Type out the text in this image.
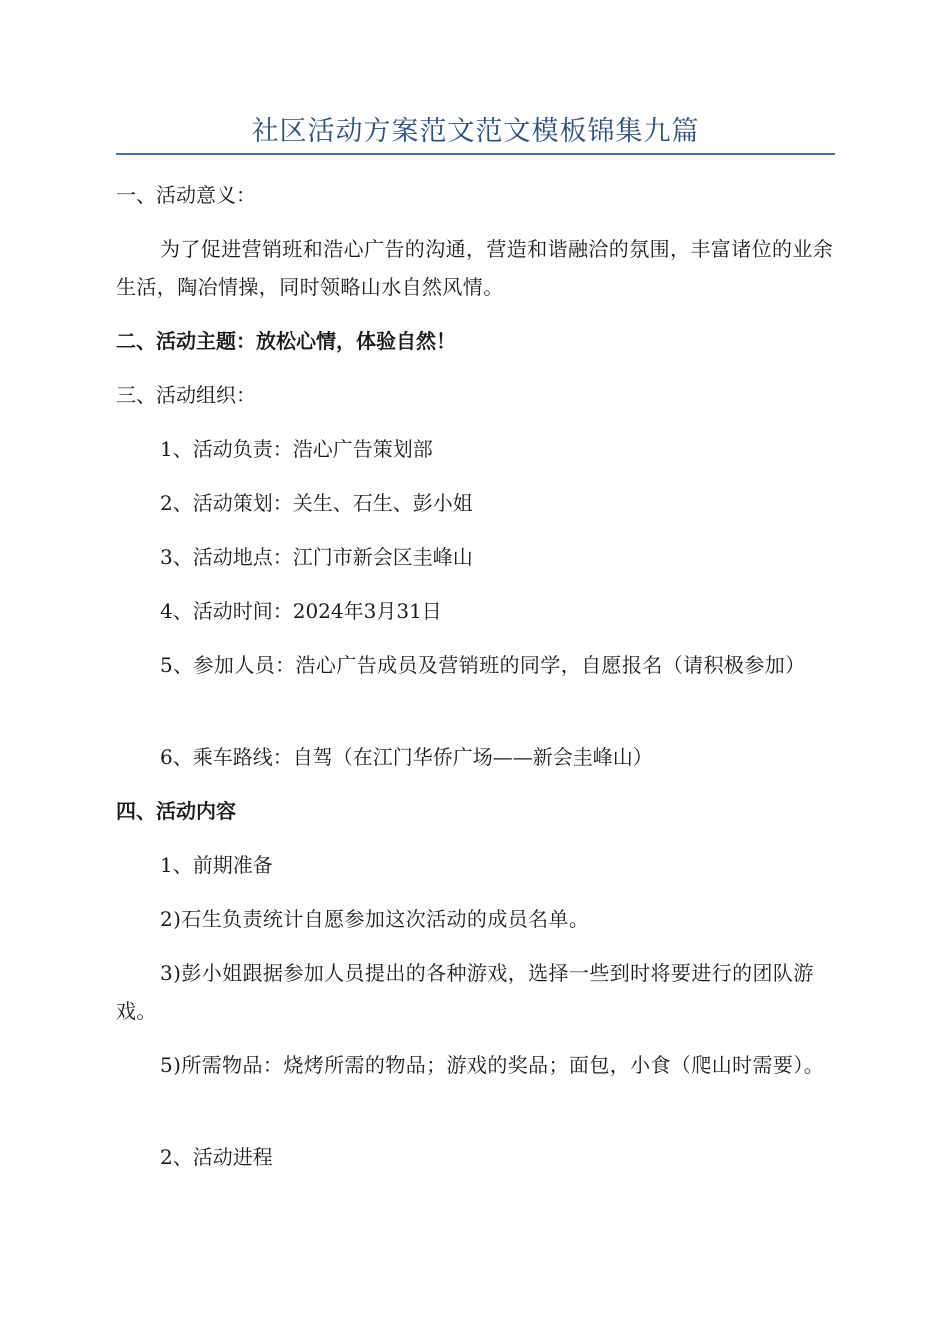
社区活动方案范文范文模板锦集九篇
一、活动意义：
为了促进营销班和浩心广告的沟通，营造和谐融洽的氛围，丰富诸位的业余生活，陶冶情操，同时领略山水自然风情。
二、活动主题：放松心情，体验自然！
三、活动组织：
1、活动负责：浩心广告策划部
2、活动策划：关生、石生、彭小姐
3、活动地点：江门市新会区圭峰山
4、活动时间：2024年3月31日
5、参加人员：浩心广告成员及营销班的同学，自愿报名（请积极参加）
6、乘车路线：自驾（在江门华侨广场——新会圭峰山）
四、活动内容
1、前期准备
2)石生负责统计自愿参加这次活动的成员名单。
3)彭小姐跟据参加人员提出的各种游戏，选择一些到时将要进行的团队游戏。
5)所需物品：烧烤所需的物品；游戏的奖品；面包，小食（爬山时需要）。
2、活动进程
